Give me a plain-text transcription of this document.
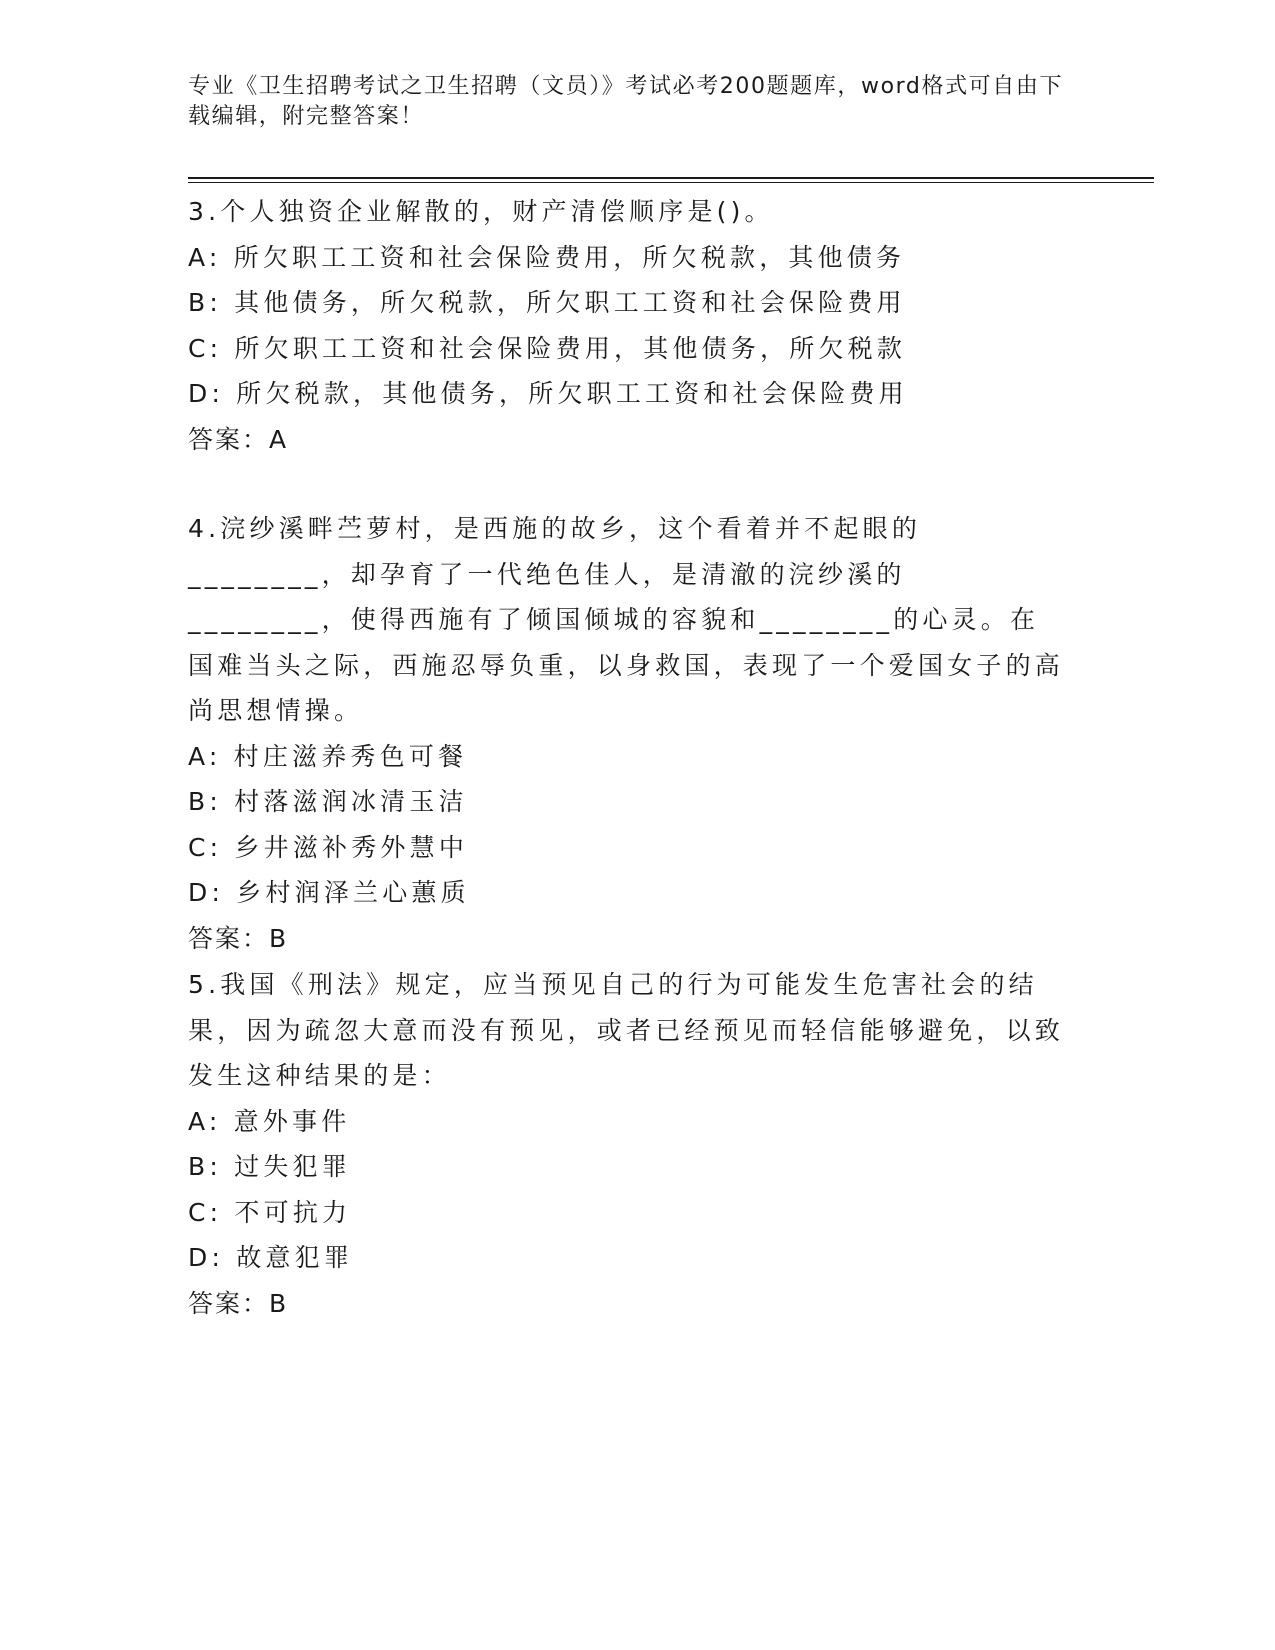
专业《卫生招聘考试之卫生招聘（文员）》考试必考200题题库，word格式可自由下载编辑，附完整答案！

3.个人独资企业解散的，财产清偿顺序是()。

A: 所欠职工工资和社会保险费用，所欠税款，其他债务

B: 其他债务，所欠税款，所欠职工工资和社会保险费用

C: 所欠职工工资和社会保险费用，其他债务，所欠税款

D: 所欠税款，其他债务，所欠职工工资和社会保险费用

答案：A

4.浣纱溪畔苎萝村，是西施的故乡，这个看着并不起眼的________，却孕育了一代绝色佳人，是清澈的浣纱溪的________，使得西施有了倾国倾城的容貌和________的心灵。在国难当头之际，西施忍辱负重，以身救国，表现了一个爱国女子的高尚思想情操。

A: 村庄滋养秀色可餐

B: 村落滋润冰清玉洁

C: 乡井滋补秀外慧中

D: 乡村润泽兰心蕙质

答案：B

5.我国《刑法》规定，应当预见自己的行为可能发生危害社会的结果，因为疏忽大意而没有预见，或者已经预见而轻信能够避免，以致发生这种结果的是：

A: 意外事件

B: 过失犯罪

C: 不可抗力

D: 故意犯罪

答案：B
